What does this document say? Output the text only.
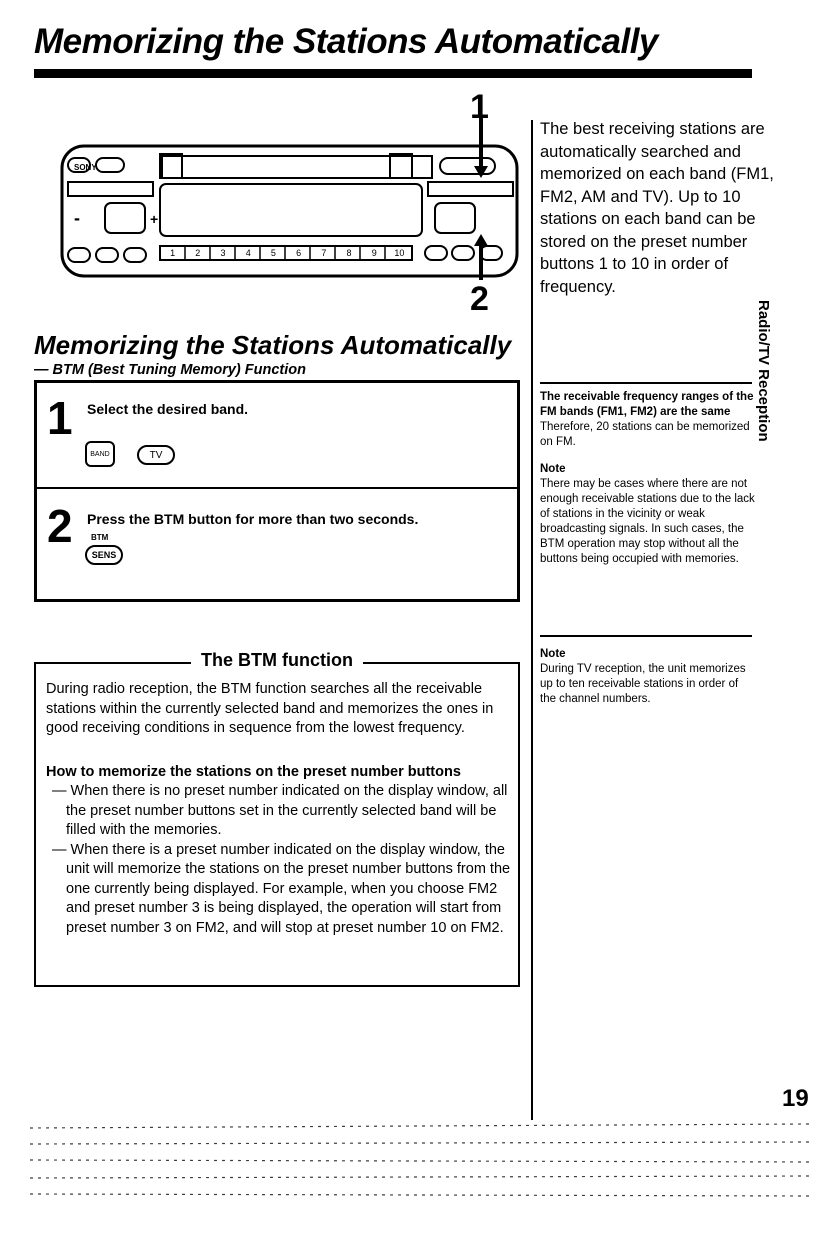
Memorizing the Stations Automatically
-	+
SONY
1
2
1	2	3	4	5	6	7	8	9	10
The best receiving stations are automatically searched and memorized on each band (FM1, FM2, AM and TV). Up to 10 stations on each band can be stored on the preset number buttons 1 to 10 in order of frequency.
Radio/TV Reception
Memorizing the Stations Automatically
— BTM (Best Tuning Memory) Function
1 Select the desired band.
BAND	TV
2 Press the BTM button for more than two seconds.
BTM
SENS
The BTM function

During radio reception, the BTM function searches all the receivable stations within the currently selected band and memorizes the ones in good receiving conditions in sequence from the lowest frequency.

How to memorize the stations on the preset number buttons

— When there is no preset number indicated on the display window, all the preset number buttons set in the currently selected band will be filled with the memories.

— When there is a preset number indicated on the display window, the unit will memorize the stations on the preset number buttons from the one currently being displayed. For example, when you choose FM2 and preset number 3 is being displayed, the operation will start from preset number 3 on FM2, and will stop at preset number 10 on FM2.

The receivable frequency ranges of the FM bands (FM1, FM2) are the same

Therefore, 20 stations can be memorized on FM.

Note

There may be cases where there are not enough receivable stations due to the lack of stations in the vicinity or weak broadcasting signals. In such cases, the BTM operation may stop without all the buttons being occupied with memories.

Note

During TV reception, the unit memorizes up to ten receivable stations in order of the channel numbers.

19
